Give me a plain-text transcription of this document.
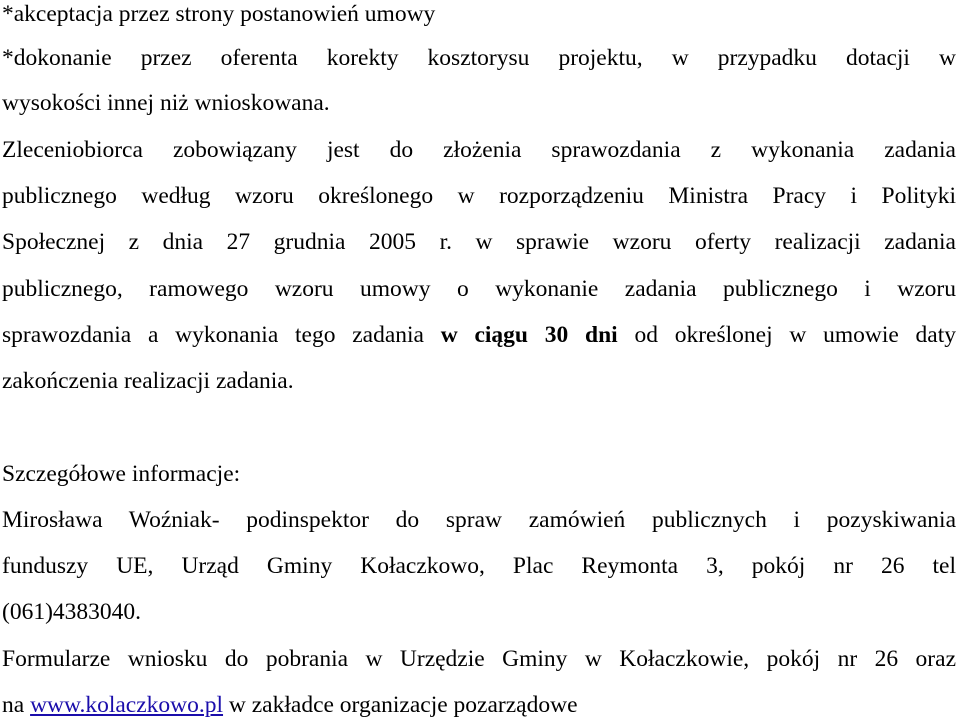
*akceptacja przez strony postanowień umowy
*dokonanie przez oferenta korekty kosztorysu projektu, w przypadku dotacji w
wysokości innej niż wnioskowana.
Zleceniobiorca zobowiązany jest do złożenia sprawozdania z wykonania zadania
publicznego według wzoru określonego w rozporządzeniu Ministra Pracy i Polityki
Społecznej z dnia 27 grudnia 2005 r. w sprawie wzoru oferty realizacji zadania
publicznego, ramowego wzoru umowy o wykonanie zadania publicznego i wzoru
sprawozdania a wykonania tego zadania w ciągu 30 dni od określonej w umowie daty
zakończenia realizacji zadania.
Szczegółowe informacje:
Mirosława Woźniak- podinspektor do spraw zamówień publicznych i pozyskiwania
funduszy UE, Urząd Gminy Kołaczkowo, Plac Reymonta 3, pokój nr 26 tel
(061)4383040.
Formularze wniosku do pobrania w Urzędzie Gminy w Kołaczkowie, pokój nr 26 oraz
na www.kolaczkowo.pl w zakładce organizacje pozarządowe
